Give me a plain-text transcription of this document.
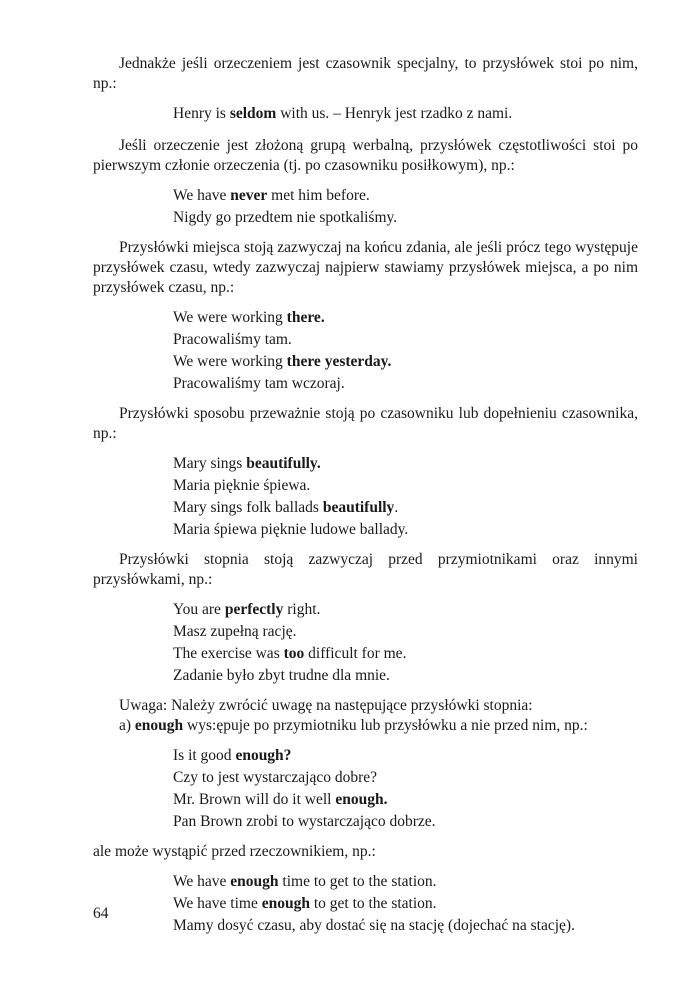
Jednakże jeśli orzeczeniem jest czasownik specjalny, to przysłówek stoi po nim, np.:

Henry is seldom with us. – Henryk jest rzadko z nami.

Jeśli orzeczenie jest złożoną grupą werbalną, przysłówek częstotliwości stoi po pierwszym członie orzeczenia (tj. po czasowniku posiłkowym), np.:

We have never met him before.
Nigdy go przedtem nie spotkaliśmy.

Przysłówki miejsca stoją zazwyczaj na końcu zdania, ale jeśli prócz tego występuje przysłówek czasu, wtedy zazwyczaj najpierw stawiamy przysłówek miejsca, a po nim przysłówek czasu, np.:

We were working there.
Pracowaliśmy tam.
We were working there yesterday.
Pracowaliśmy tam wczoraj.

Przysłówki sposobu przeważnie stoją po czasowniku lub dopełnieniu czasownika, np.:

Mary sings beautifully.
Maria pięknie śpiewa.
Mary sings folk ballads beautifully.
Maria śpiewa pięknie ludowe ballady.

Przysłówki stopnia stoją zazwyczaj przed przymiotnikami oraz innymi przysłówkami, np.:

You are perfectly right.
Masz zupełną rację.
The exercise was too difficult for me.
Zadanie było zbyt trudne dla mnie.
Uwaga: Należy zwrócić uwagę na następujące przysłówki stopnia:
a) enough wys:ępuje po przymiotniku lub przysłówku a nie przed nim, np.:
Is it good enough?
Czy to jest wystarczająco dobre?
Mr. Brown will do it well enough.
Pan Brown zrobi to wystarczająco dobrze.

ale może wystąpić przed rzeczownikiem, np.:

We have enough time to get to the station.
We have time enough to get to the station.
Mamy dosyć czasu, aby dostać się na stację (dojechać na stację).
64
